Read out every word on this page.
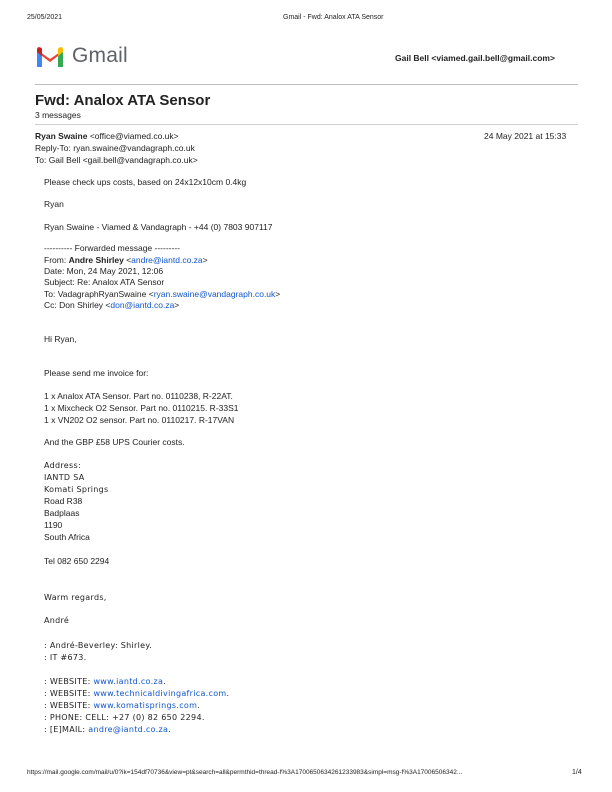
25/05/2021	Gmail - Fwd: Analox ATA Sensor
Gmail	Gail Bell <viamed.gail.bell@gmail.com>
Fwd: Analox ATA Sensor
3 messages
Ryan Swaine <office@viamed.co.uk>	24 May 2021 at 15:33
Reply-To: ryan.swaine@vandagraph.co.uk
To: Gail Bell <gail.bell@vandagraph.co.uk>
Please check ups costs, based on 24x12x10cm 0.4kg
Ryan
Ryan Swaine - Viamed & Vandagraph - +44 (0) 7803 907117
---------- Forwarded message ---------
From: Andre Shirley <andre@iantd.co.za>
Date: Mon, 24 May 2021, 12:06
Subject: Re: Analox ATA Sensor
To: VadagraphRyanSwaine <ryan.swaine@vandagraph.co.uk>
Cc: Don Shirley <don@iantd.co.za>
Hi Ryan,
Please send me invoice for:
1 x Analox ATA Sensor. Part no. 0110238, R-22AT.
1 x Mixcheck O2 Sensor. Part no. 0110215. R-33S1
1 x VN202 O2 sensor. Part no. 0110217. R-17VAN
And the GBP £58 UPS Courier costs.
Address:
IANTD SA
Komati Springs
Road R38
Badplaas
1190
South Africa
Tel 082 650 2294
Warm regards,
André
: André-Beverley: Shirley.
: IT #673.
: WEBSITE: www.iantd.co.za.
: WEBSITE: www.technicaldivingafrica.com.
: WEBSITE: www.komatisprings.com.
: PHONE: CELL: +27 (0) 82 650 2294.
: [E]MAIL: andre@iantd.co.za.
https://mail.google.com/mail/u/0?ik=154df70736&view=pt&search=all&permthid=thread-f%3A1700650634261233983&simpl=msg-f%3A17006506342...	1/4
